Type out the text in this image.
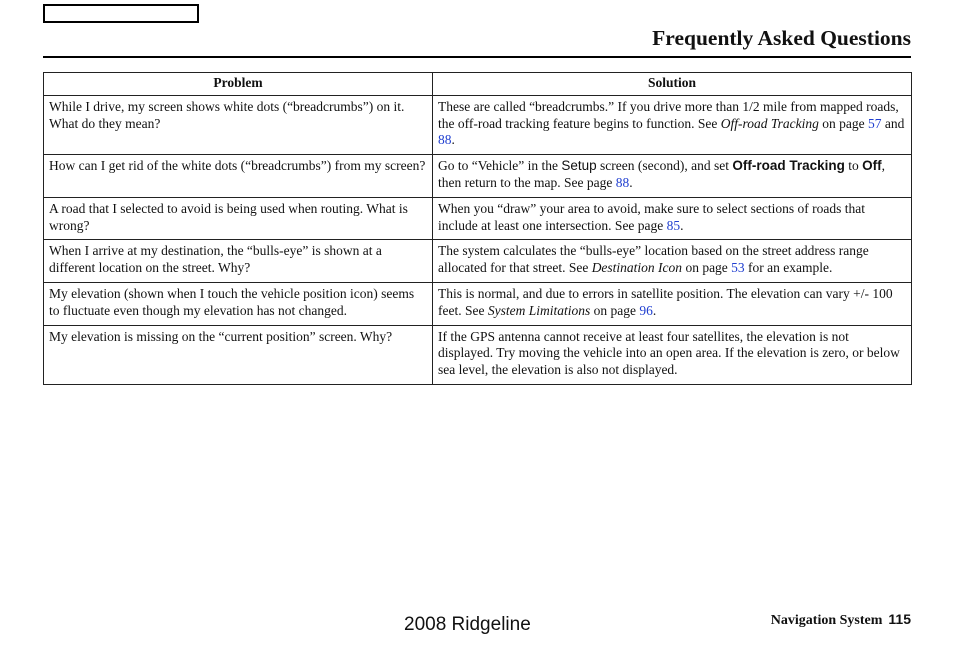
Frequently Asked Questions
Problem	Solution
While I drive, my screen shows white dots (“breadcrumbs”) on it. What do they mean?	These are called “breadcrumbs.” If you drive more than 1/2 mile from mapped roads, the off-road tracking feature begins to function. See Off-road Tracking on page 57 and 88.
How can I get rid of the white dots (“breadcrumbs”) from my screen?	Go to “Vehicle” in the Setup screen (second), and set Off-road Tracking to Off, then return to the map. See page 88.
A road that I selected to avoid is being used when routing. What is wrong?	When you “draw” your area to avoid, make sure to select sections of roads that include at least one intersection. See page 85.
When I arrive at my destination, the “bulls-eye” is shown at a different location on the street. Why?	The system calculates the “bulls-eye” location based on the street address range allocated for that street. See Destination Icon on page 53 for an example.
My elevation (shown when I touch the vehicle position icon) seems to fluctuate even though my elevation has not changed.	This is normal, and due to errors in satellite position. The elevation can vary +/- 100 feet. See System Limitations on page 96.
My elevation is missing on the “current position” screen. Why?	If the GPS antenna cannot receive at least four satellites, the elevation is not displayed. Try moving the vehicle into an open area. If the elevation is zero, or below sea level, the elevation is also not displayed.
2008 Ridgeline	Navigation System 115
